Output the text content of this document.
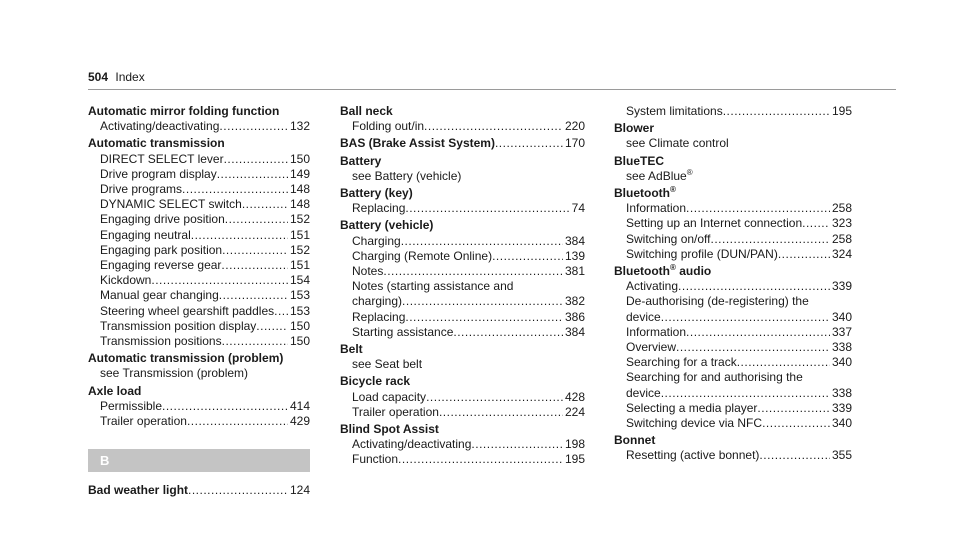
504 Index
Automatic mirror folding function
Activating/deactivating .....	132
Automatic transmission
DIRECT SELECT lever .....	150
Drive program display .....	149
Drive programs .....	148
DYNAMIC SELECT switch .....	148
Engaging drive position .....	152
Engaging neutral .....	151
Engaging park position .....	152
Engaging reverse gear .....	151
Kickdown .....	154
Manual gear changing .....	153
Steering wheel gearshift paddles ..... 153
Transmission position display .....	150
Transmission positions .....	150
Automatic transmission (problem)
see Transmission (problem)
Axle load
Permissible .....	414
Trailer operation .....	429
B
Bad weather light .....	124
Ball neck
Folding out/in .....	220
BAS (Brake Assist System) .....	170
Battery
see Battery (vehicle)
Battery (key)
Replacing .....	74
Battery (vehicle)
Charging .....	384
Charging (Remote Online) .....	139
Notes .....	381
Notes (starting assistance and
charging) .....	382
Replacing .....	386
Starting assistance .....	384
Belt
see Seat belt
Bicycle rack
Load capacity .....	428
Trailer operation .....	224
Blind Spot Assist
Activating/deactivating .....	198
Function .....	195
System limitations .....	195
Blower
see Climate control
BlueTEC
see AdBlue®
Bluetooth®
Information .....	258
Setting up an Internet connection ..... 323
Switching on/off .....	258
Switching profile (DUN/PAN) .....	324
Bluetooth® audio
Activating .....	339
De-authorising (de-registering) the
device .....	340
Information .....	337
Overview .....	338
Searching for a track .....	340
Searching for and authorising the
device .....	338
Selecting a media player .....	339
Switching device via NFC .....	340
Bonnet
Resetting (active bonnet) .....	355
